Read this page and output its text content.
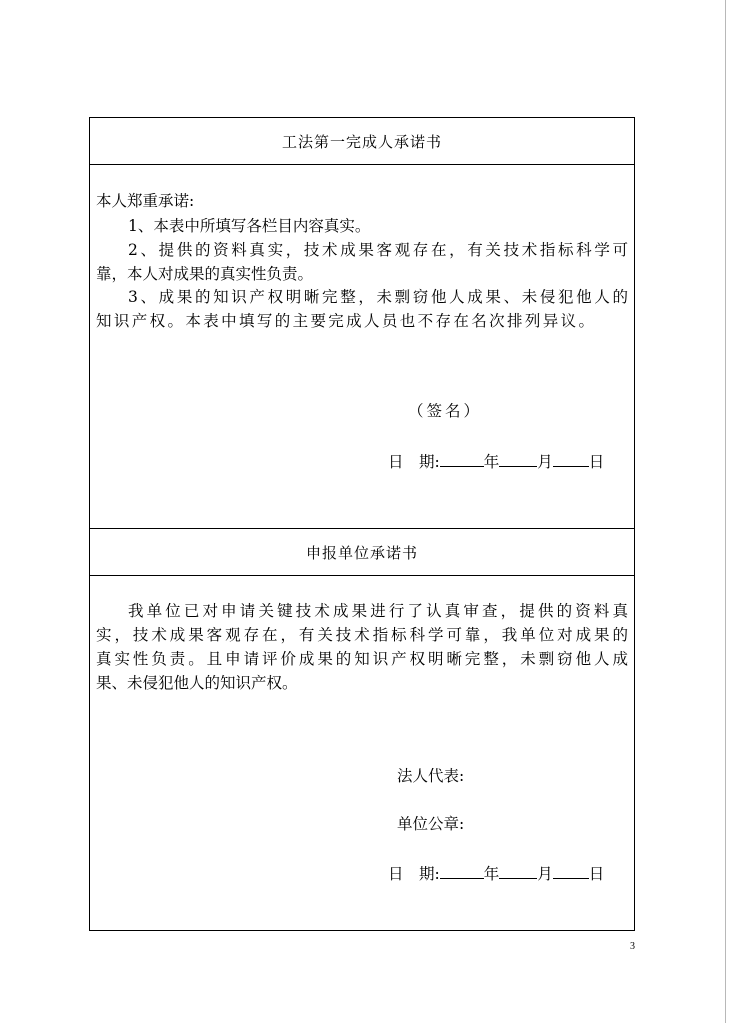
工法第一完成人承诺书
本人郑重承诺:
1、本表中所填写各栏目内容真实。
2、提供的资料真实，技术成果客观存在，有关技术指标科学可
靠，本人对成果的真实性负责。
3、成果的知识产权明晰完整，未剽窃他人成果、未侵犯他人的
知识产权。本表中填写的主要完成人员也不存在名次排列异议。
（签名）
日　期:	年 月 日
申报单位承诺书
我单位已对申请关键技术成果进行了认真审查，提供的资料真
实，技术成果客观存在，有关技术指标科学可靠，我单位对成果的
真实性负责。且申请评价成果的知识产权明晰完整，未剽窃他人成
果、未侵犯他人的知识产权。
法人代表:
单位公章:
日　期:	年 月 日
3
